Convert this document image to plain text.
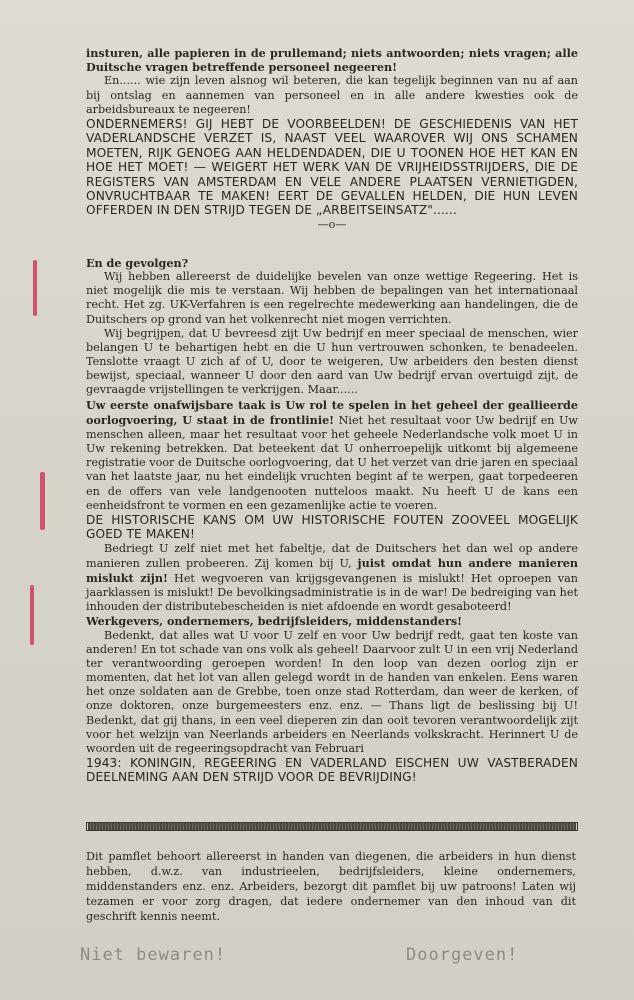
insturen, alle papieren in de prullemand; niets antwoorden; niets vragen; alle Duitsche vragen betreffende personeel negeeren!

En...... wie zijn leven alsnog wil beteren, die kan tegelijk beginnen van nu af aan bij ontslag en aannemen van personeel en in alle andere kwesties ook de arbeidsbureaux te negeeren!

ONDERNEMERS! GIJ HEBT DE VOORBEELDEN! DE GESCHIEDENIS VAN HET VADERLANDSCHE VERZET IS, NAAST VEEL WAAROVER WIJ ONS SCHAMEN MOETEN, RIJK GENOEG AAN HELDENDADEN, DIE U TOONEN HOE HET KAN EN HOE HET MOET! — WEIGERT HET WERK VAN DE VRIJHEIDSSTRIJDERS, DIE DE REGISTERS VAN AMSTERDAM EN VELE ANDERE PLAATSEN VERNIETIGDEN, ONVRUCHTBAAR TE MAKEN! EERT DE GEVALLEN HELDEN, DIE HUN LEVEN OFFERDEN IN DEN STRIJD TEGEN DE „ARBEITSEINSATZ"......

—o—

En de gevolgen?

Wij hebben allereerst de duidelijke bevelen van onze wettige Regeering. Het is niet mogelijk die mis te verstaan. Wij hebben de bepalingen van het internationaal recht. Het zg. UK-Verfahren is een regelrechte medewerking aan handelingen, die de Duitschers op grond van het volkenrecht niet mogen verrichten.

Wij begrijpen, dat U bevreesd zijt Uw bedrijf en meer speciaal de menschen, wier belangen U te behartigen hebt en die U hun vertrouwen schonken, te benadeelen. Tenslotte vraagt U zich af of U, door te weigeren, Uw arbeiders den besten dienst bewijst, speciaal, wanneer U door den aard van Uw bedrijf ervan overtuigd zijt, de gevraagde vrijstellingen te verkrijgen. Maar......

Uw eerste onafwijsbare taak is Uw rol te spelen in het geheel der geallieerde oorlogvoering, U staat in de frontlinie! Niet het resultaat voor Uw bedrijf en Uw menschen alleen, maar het resultaat voor het geheele Nederlandsche volk moet U in Uw rekening betrekken. Dat beteekent dat U onherroepelijk uitkomt bij algemeene registratie voor de Duitsche oorlogvoering, dat U het verzet van drie jaren en speciaal van het laatste jaar, nu het eindelijk vruchten begint af te werpen, gaat torpedeeren en de offers van vele landgenooten nutteloos maakt. Nu heeft U de kans een eenheidsfront te vormen en een gezamenlijke actie te voeren.

DE HISTORISCHE KANS OM UW HISTORISCHE FOUTEN ZOOVEEL MOGELIJK GOED TE MAKEN!

Bedriegt U zelf niet met het fabeltje, dat de Duitschers het dan wel op andere manieren zullen probeeren. Zij komen bij U, juist omdat hun andere manieren mislukt zijn! Het wegvoeren van krijgsgevangenen is mislukt! Het oproepen van jaarklassen is mislukt! De bevolkingsadministratie is in de war! De bedreiging van het inhouden der distributebescheiden is niet afdoende en wordt gesaboteerd!

Werkgevers, ondernemers, bedrijfsleiders, middenstanders!

Bedenkt, dat alles wat U voor U zelf en voor Uw bedrijf redt, gaat ten koste van anderen! En tot schade van ons volk als geheel! Daarvoor zult U in een vrij Nederland ter verantwoording geroepen worden! In den loop van dezen oorlog zijn er momenten, dat het lot van allen gelegd wordt in de handen van enkelen. Eens waren het onze soldaten aan de Grebbe, toen onze stad Rotterdam, dan weer de kerken, of onze doktoren, onze burgemeesters enz. enz. — Thans ligt de beslissing bij U! Bedenkt, dat gij thans, in een veel dieperen zin dan ooit tevoren verantwoordelijk zijt voor het welzijn van Neerlands arbeiders en Neerlands volkskracht. Herinnert U de woorden uit de regeeringsopdracht van Februari

1943: KONINGIN, REGEERING EN VADERLAND EISCHEN UW VASTBERADEN DEELNEMING AAN DEN STRIJD VOOR DE BEVRIJDING!

Dit pamflet behoort allereerst in handen van diegenen, die arbeiders in hun dienst hebben, d.w.z. van industrieelen, bedrijfsleiders, kleine ondernemers, middenstanders enz. enz. Arbeiders, bezorgt dit pamflet bij uw patroons! Laten wij tezamen er voor zorg dragen, dat iedere ondernemer van den inhoud van dit geschrift kennis neemt.

Niet bewaren!	Doorgeven!
